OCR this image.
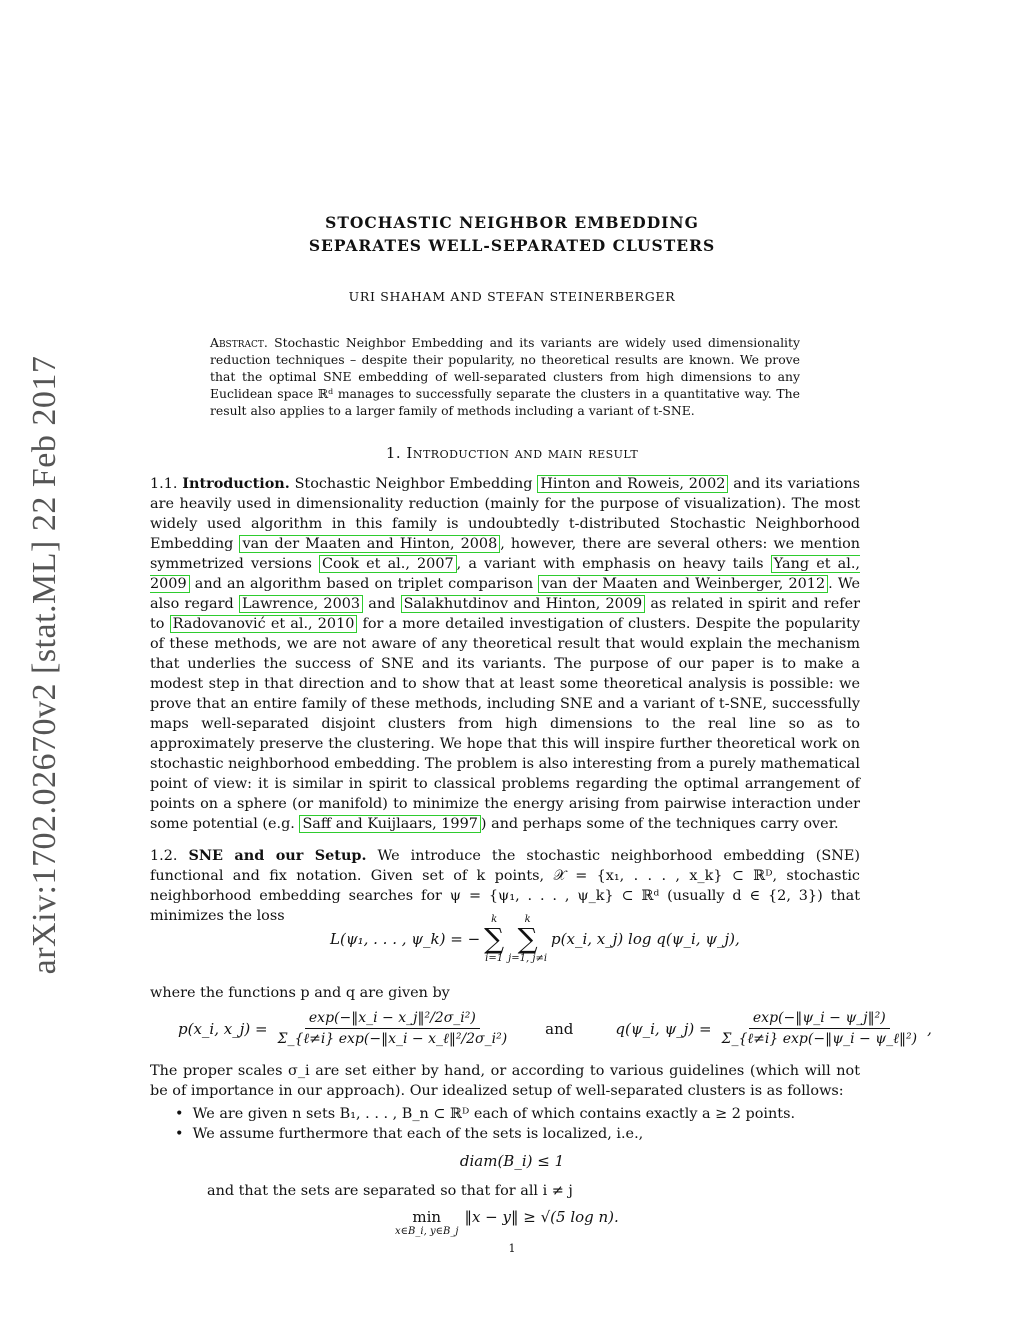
arXiv:1702.02670v2 [stat.ML] 22 Feb 2017
STOCHASTIC NEIGHBOR EMBEDDING
SEPARATES WELL-SEPARATED CLUSTERS
URI SHAHAM AND STEFAN STEINERBERGER
Abstract. Stochastic Neighbor Embedding and its variants are widely used dimensionality reduction techniques – despite their popularity, no theoretical results are known. We prove that the optimal SNE embedding of well-separated clusters from high dimensions to any Euclidean space ℝᵈ manages to successfully separate the clusters in a quantitative way. The result also applies to a larger family of methods including a variant of t-SNE.
1. Introduction and main result
1.1. Introduction. Stochastic Neighbor Embedding Hinton and Roweis, 2002 and its variations are heavily used in dimensionality reduction (mainly for the purpose of visualization). The most widely used algorithm in this family is undoubtedly t-distributed Stochastic Neighborhood Embedding van der Maaten and Hinton, 2008 , however, there are several others: we mention symmetrized versions Cook et al., 2007 , a variant with emphasis on heavy tails Yang et al., 2009 and an algorithm based on triplet comparison van der Maaten and Weinberger, 2012 . We also regard Lawrence, 2003 and Salakhutdinov and Hinton, 2009 as related in spirit and refer to Radovanović et al., 2010 for a more detailed investigation of clusters. Despite the popularity of these methods, we are not aware of any theoretical result that would explain the mechanism that underlies the success of SNE and its variants. The purpose of our paper is to make a modest step in that direction and to show that at least some theoretical analysis is possible: we prove that an entire family of these methods, including SNE and a variant of t-SNE, successfully maps well-separated disjoint clusters from high dimensions to the real line so as to approximately preserve the clustering. We hope that this will inspire further theoretical work on stochastic neighborhood embedding. The problem is also interesting from a purely mathematical point of view: it is similar in spirit to classical problems regarding the optimal arrangement of points on a sphere (or manifold) to minimize the energy arising from pairwise interaction under some potential (e.g. Saff and Kuijlaars, 1997 ) and perhaps some of the techniques carry over.
1.2. SNE and our Setup. We introduce the stochastic neighborhood embedding (SNE) functional and fix notation. Given set of k points, 𝒳 = {x₁, . . . , x_k} ⊂ ℝᴰ, stochastic neighborhood embedding searches for ψ = {ψ₁, . . . , ψ_k} ⊂ ℝᵈ (usually d ∈ {2, 3}) that minimizes the loss
L(ψ₁, . . . , ψ_k) = −
k
∑
i=1
k
∑
j=1, j≠i
p(x_i, x_j) log q(ψ_i, ψ_j),
where the functions p and q are given by
p(x_i, x_j) = $\frac{\text{exp(−‖x\_i − x\_j‖²/2σ\_i²)}}{\text{Σ\_\{ℓ≠i\} exp(−‖x\_i − x\_ℓ‖²/2σ\_i²)}}$ and	q(ψ_i, ψ_j) = $\frac{\text{exp(−‖ψ\_i − ψ\_j‖²)}}{\text{Σ\_\{ℓ≠i\} exp(−‖ψ\_i − ψ\_ℓ‖²)}}$ ,
The proper scales σ_i are set either by hand, or according to various guidelines (which will not be of importance in our approach). Our idealized setup of well-separated clusters is as follows:
•  We are given n sets B₁, . . . , B_n ⊂ ℝᴰ each of which contains exactly a ≥ 2 points.
•  We assume furthermore that each of the sets is localized, i.e.,
diam(B_i) ≤ 1
and that the sets are separated so that for all i ≠ j
min
x∈B_i, y∈B_j
‖x − y‖ ≥ √(5 log n).
1
